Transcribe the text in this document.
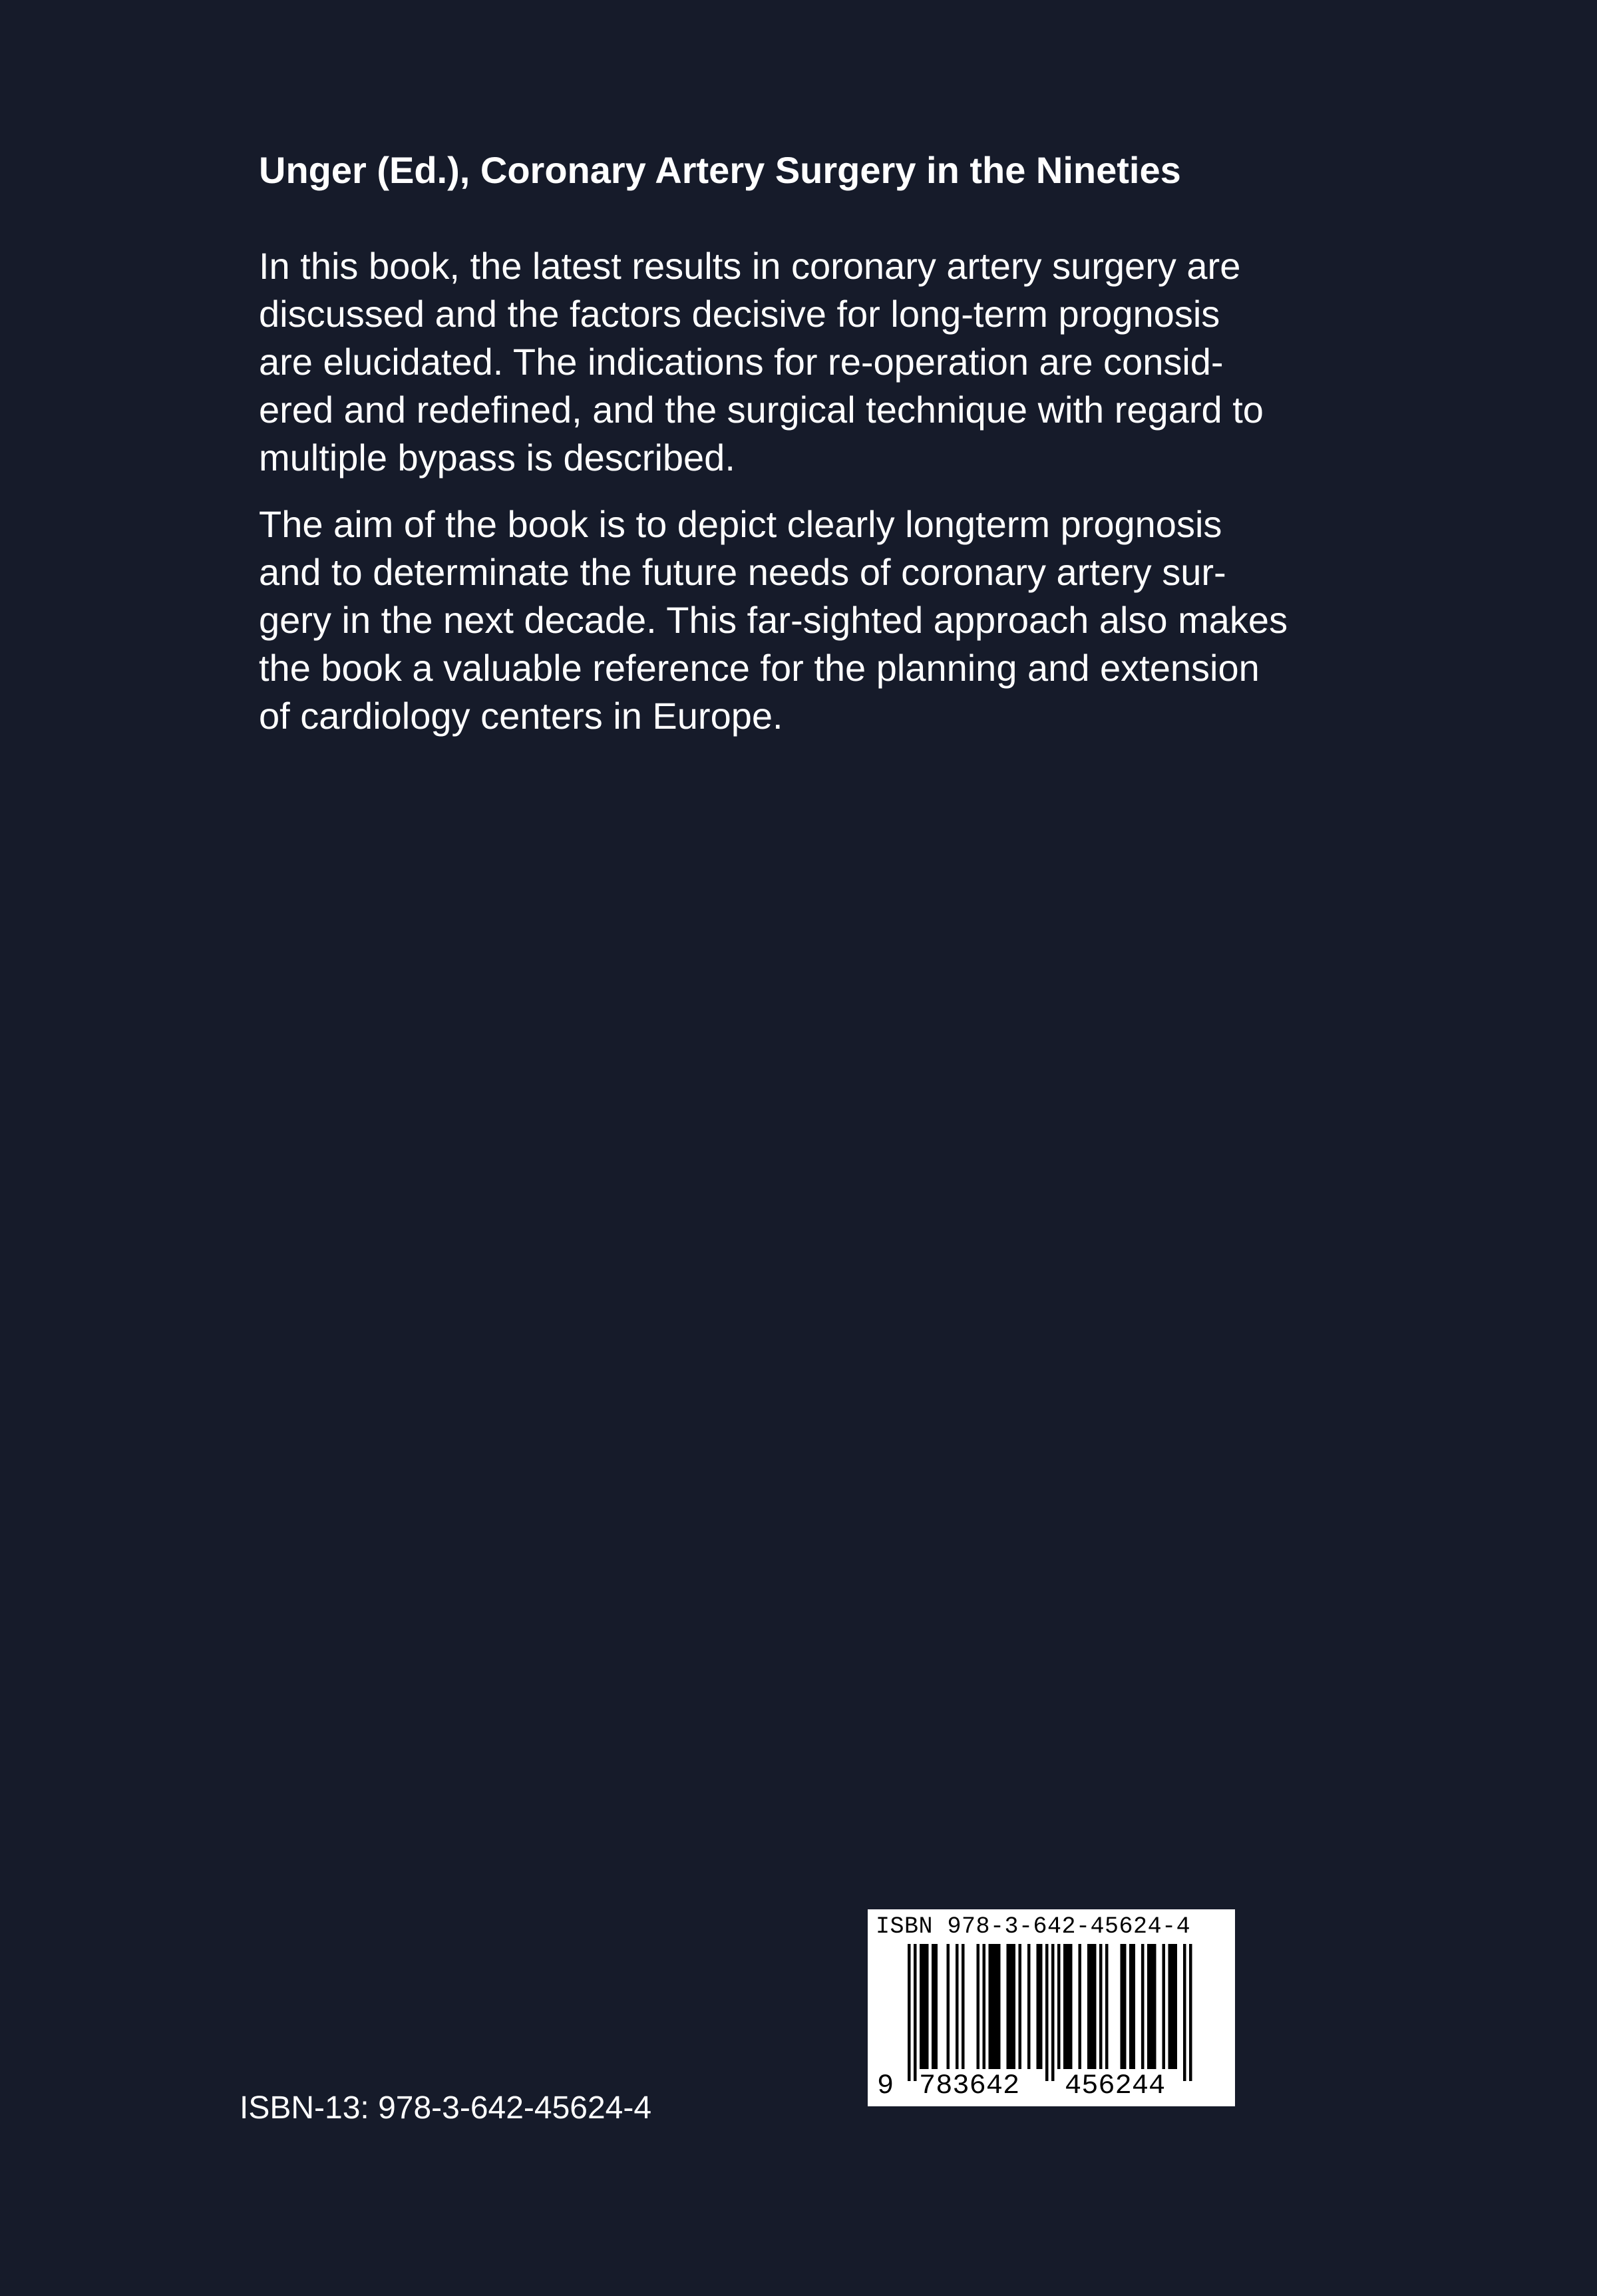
Unger (Ed.), Coronary Artery Surgery in the Nineties

In this book, the latest results in coronary artery surgery are
discussed and the factors decisive for long-term prognosis
are elucidated. The indications for re-operation are consid-
ered and redefined, and the surgical technique with regard to
multiple bypass is described.

The aim of the book is to depict clearly longterm prognosis
and to determinate the future needs of coronary artery sur-
gery in the next decade. This far-sighted approach also makes
the book a valuable reference for the planning and extension
of cardiology centers in Europe.

ISBN-13: 978-3-642-45624-4
ISBN 978-3-642-45624-4
9 783642 456244
